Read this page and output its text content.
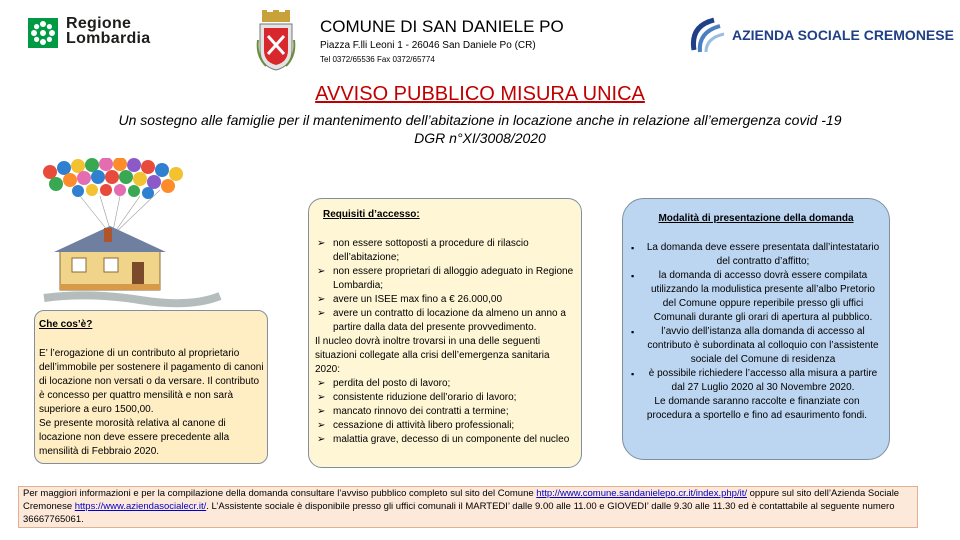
Regione
Lombardia
COMUNE DI SAN DANIELE PO
Piazza F.lli Leoni 1 - 26046 San Daniele Po (CR)
Tel 0372/65536 Fax 0372/65774
AZIENDA SOCIALE CREMONESE
AVVISO PUBBLICO MISURA UNICA
Un sostegno alle famiglie per il mantenimento dell’abitazione in locazione anche in relazione all’emergenza covid -19
DGR n°XI/3008/2020
Che cos’è?
E’ l’erogazione di un contributo al proprietario dell’immobile per sostenere il pagamento di canoni di locazione non versati o da versare. Il contributo è concesso per quattro mensilità e non sarà superiore a euro 1500,00.
Se presente morosità relativa al canone di locazione non deve essere precedente alla mensilità di Febbraio 2020.
Requisiti d’accesso:
➢ non essere sottoposti a procedure di rilascio dell’abitazione;
➢ non essere proprietari di alloggio adeguato in Regione Lombardia;
➢ avere un ISEE max fino a € 26.000,00
➢ avere un contratto di locazione da almeno un anno a partire dalla data del presente provvedimento.
Il nucleo dovrà inoltre trovarsi in una delle seguenti situazioni collegate alla crisi dell’emergenza sanitaria 2020:
➢ perdita del posto di lavoro;
➢ consistente riduzione dell’orario di lavoro;
➢ mancato rinnovo dei contratti a termine;
➢ cessazione di attività libero professionali;
➢ malattia grave, decesso di un componente del nucleo
Modalità di presentazione della domanda
▪ La domanda deve essere presentata dall’intestatario del contratto d’affitto;
▪ la domanda di accesso dovrà essere compilata utilizzando la modulistica presente all’albo Pretorio del Comune oppure reperibile presso gli uffici Comunali durante gli orari di apertura al pubblico.
▪	l’avvio dell’istanza alla domanda di accesso al contributo è subordinata al colloquio con l’assistente sociale del Comune di residenza
▪ è possibile richiedere l’accesso alla misura a partire dal 27 Luglio 2020 al 30 Novembre 2020.
Le domande saranno raccolte e finanziate con procedura a sportello e fino ad esaurimento fondi.
Per maggiori informazioni e per la compilazione della domanda consultare l’avviso pubblico completo sul sito del Comune http://www.comune.sandanielepo.cr.it/index.php/it/ oppure sul sito dell’Azienda Sociale Cremonese https://www.aziendasocialecr.it/. L’Assistente sociale è disponibile presso gli uffici comunali il MARTEDI’ dalle 9.00 alle 11.00 e GIOVEDI’ dalle 9.30 alle 11.30 ed è contattabile al seguente numero 36667765061.
